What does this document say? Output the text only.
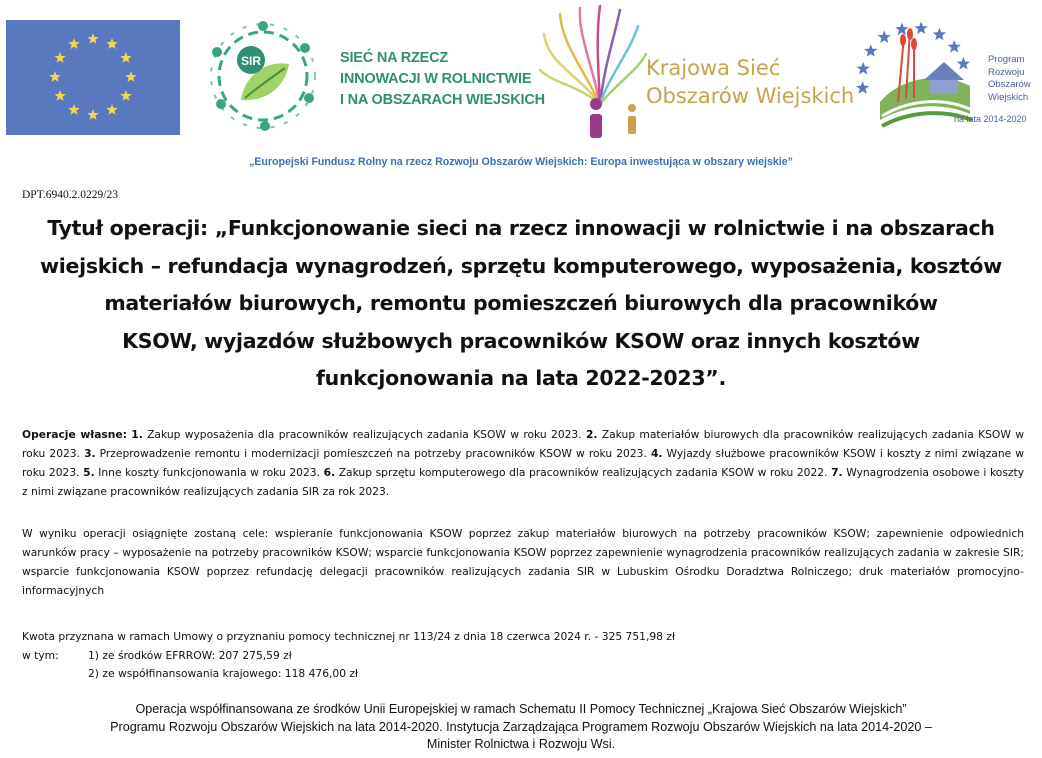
SIR	SIEĆ NA RZECZ
INNOWACJI W ROLNICTWIE
I NA OBSZARACH WIEJSKICH
Krajowa Sieć
Obszarów Wiejskich
Program
Rozwoju
Obszarów
Wiejskich
na lata 2014-2020
„Europejski Fundusz Rolny na rzecz Rozwoju Obszarów Wiejskich: Europa inwestująca w obszary wiejskie”
DPT.6940.2.0229/23
Tytuł operacji: „Funkcjonowanie sieci na rzecz innowacji w rolnictwie i na obszarach
wiejskich – refundacja wynagrodzeń, sprzętu komputerowego, wyposażenia, kosztów
materiałów biurowych, remontu pomieszczeń biurowych dla pracowników
KSOW, wyjazdów służbowych pracowników KSOW oraz innych kosztów
funkcjonowania na lata 2022-2023”.
Operacje własne: 1. Zakup wyposażenia dla pracowników realizujących zadania KSOW w roku 2023. 2. Zakup materiałów biurowych dla pracowników realizujących zadania KSOW w roku 2023. 3. Przeprowadzenie remontu i modernizacji pomieszczeń na potrzeby pracowników KSOW w roku 2023. 4. Wyjazdy służbowe pracowników KSOW i koszty z nimi związane w roku 2023. 5. Inne koszty funkcjonowania w roku 2023. 6. Zakup sprzętu komputerowego dla pracowników realizujących zadania KSOW w roku 2022. 7. Wynagrodzenia osobowe i koszty z nimi związane pracowników realizujących zadania SIR za rok 2023.
W wyniku operacji osiągnięte zostaną cele: wspieranie funkcjonowania KSOW poprzez zakup materiałów biurowych na potrzeby pracowników KSOW; zapewnienie odpowiednich warunków pracy – wyposażenie na potrzeby pracowników KSOW; wsparcie funkcjonowania KSOW poprzez zapewnienie wynagrodzenia pracowników realizujących zadania w zakresie SIR; wsparcie funkcjonowania KSOW poprzez refundację delegacji pracowników realizujących zadania SIR w Lubuskim Ośrodku Doradztwa Rolniczego; druk materiałów promocyjno-informacyjnych
Kwota przyznana w ramach Umowy o przyznaniu pomocy technicznej nr 113/24 z dnia 18 czerwca 2024 r. - 325 751,98 zł
w tym:	1) ze środków EFRROW: 207 275,59 zł
2) ze współfinansowania krajowego: 118 476,00 zł
Operacja współfinansowana ze środków Unii Europejskiej w ramach Schematu II Pomocy Technicznej „Krajowa Sieć Obszarów Wiejskich”
Programu Rozwoju Obszarów Wiejskich na lata 2014-2020. Instytucja Zarządzająca Programem Rozwoju Obszarów Wiejskich na lata 2014-2020 –
Minister Rolnictwa i Rozwoju Wsi.
